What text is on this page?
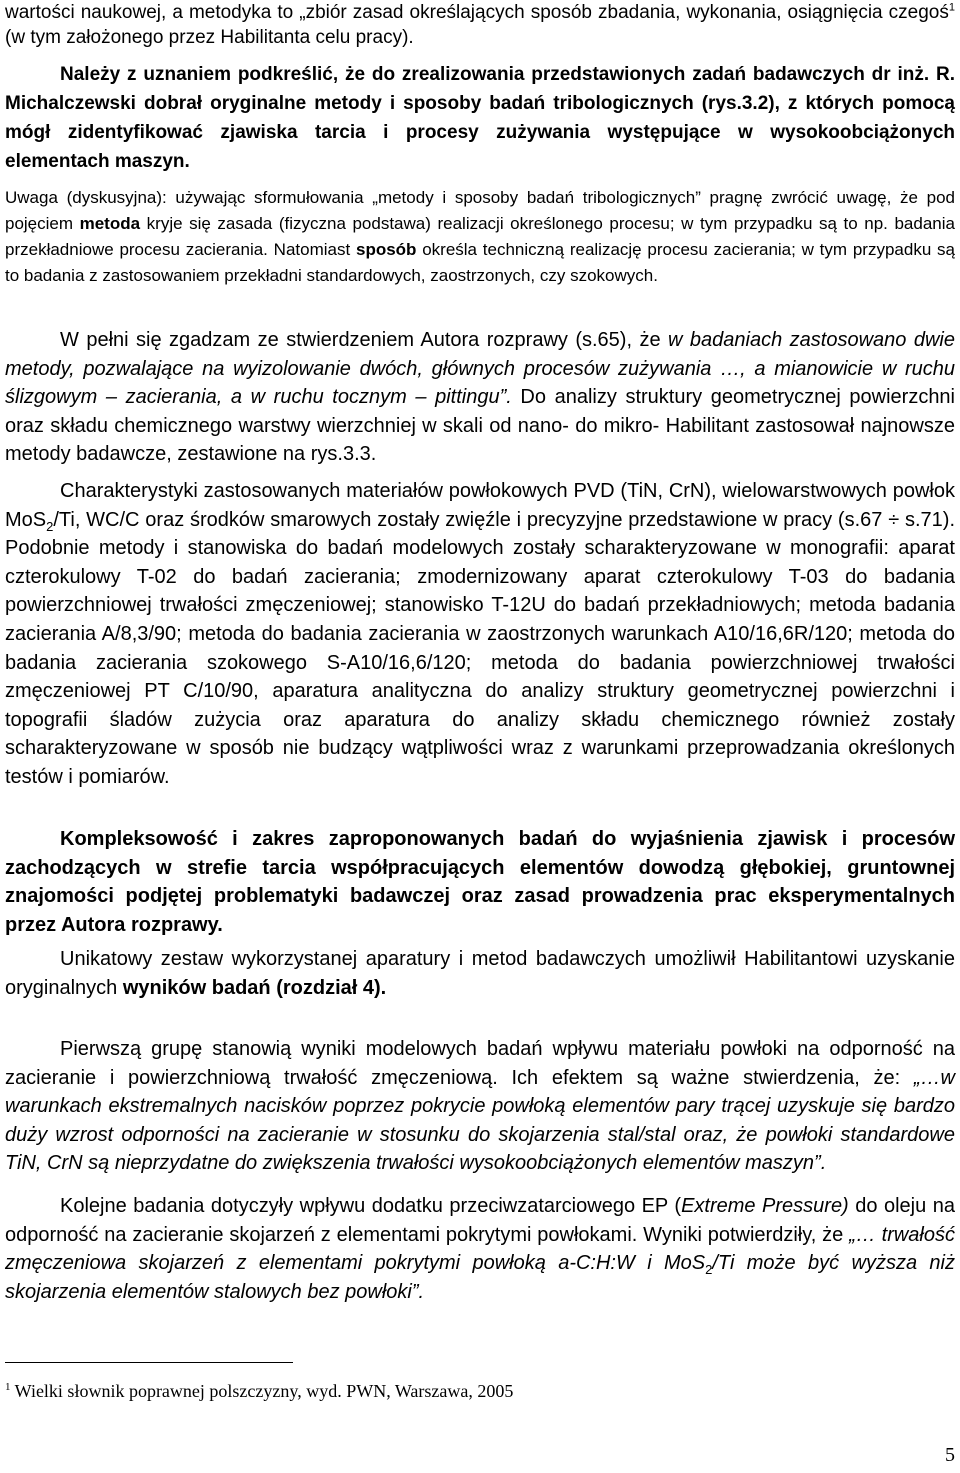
wartości naukowej, a metodyka to „zbiór zasad określających sposób zbadania, wykonania, osiągnięcia czegoś$^1$ (w tym założonego przez Habilitanta celu pracy).

Należy z uznaniem podkreślić, że do zrealizowania przedstawionych zadań badawczych dr inż. R. Michalczewski dobrał oryginalne metody i sposoby badań tribologicznych (rys.3.2), z których pomocą mógł zidentyfikować zjawiska tarcia i procesy zużywania występujące w wysokoobciążonych elementach maszyn.

Uwaga (dyskusyjna): używając sformułowania „metody i sposoby badań tribologicznych” pragnę zwrócić uwagę, że pod pojęciem metoda kryje się zasada (fizyczna podstawa) realizacji określonego procesu; w tym przypadku są to np. badania przekładniowe procesu zacierania. Natomiast sposób określa techniczną realizację procesu zacierania; w tym przypadku są to badania z zastosowaniem przekładni standardowych, zaostrzonych, czy szokowych.

W pełni się zgadzam ze stwierdzeniem Autora rozprawy (s.65), że w badaniach zastosowano dwie metody, pozwalające na wyizolowanie dwóch, głównych procesów zużywania …, a mianowicie w ruchu ślizgowym – zacierania, a w ruchu tocznym – pittingu”. Do analizy struktury geometrycznej powierzchni oraz składu chemicznego warstwy wierzchniej w skali od nano- do mikro- Habilitant zastosował najnowsze metody badawcze, zestawione na rys.3.3.

Charakterystyki zastosowanych materiałów powłokowych PVD (TiN, CrN), wielowarstwowych powłok MoS$_2$/Ti, WC/C oraz środków smarowych zostały zwięźle i precyzyjne przedstawione w pracy (s.67 ÷ s.71). Podobnie metody i stanowiska do badań modelowych zostały scharakteryzowane w monografii: aparat czterokulowy T-02 do badań zacierania; zmodernizowany aparat czterokulowy T-03 do badania powierzchniowej trwałości zmęczeniowej; stanowisko T-12U do badań przekładniowych; metoda badania zacierania A/8,3/90; metoda do badania zacierania w zaostrzonych warunkach A10/16,6R/120; metoda do badania zacierania szokowego S-A10/16,6/120; metoda do badania powierzchniowej trwałości zmęczeniowej PT C/10/90, aparatura analityczna do analizy struktury geometrycznej powierzchni i topografii śladów zużycia oraz aparatura do analizy składu chemicznego również zostały scharakteryzowane w sposób nie budzący wątpliwości wraz z warunkami przeprowadzania określonych testów i pomiarów.

Kompleksowość i zakres zaproponowanych badań do wyjaśnienia zjawisk i procesów zachodzących w strefie tarcia współpracujących elementów dowodzą głębokiej, gruntownej znajomości podjętej problematyki badawczej oraz zasad prowadzenia prac eksperymentalnych przez Autora rozprawy.

Unikatowy zestaw wykorzystanej aparatury i metod badawczych umożliwił Habilitantowi uzyskanie oryginalnych wyników badań (rozdział 4).

Pierwszą grupę stanowią wyniki modelowych badań wpływu materiału powłoki na odporność na zacieranie i powierzchniową trwałość zmęczeniową. Ich efektem są ważne stwierdzenia, że: „…w warunkach ekstremalnych nacisków poprzez pokrycie powłoką elementów pary trącej uzyskuje się bardzo duży wzrost odporności na zacieranie w stosunku do skojarzenia stal/stal oraz, że powłoki standardowe TiN, CrN są nieprzydatne do zwiększenia trwałości wysokoobciążonych elementów maszyn”.

Kolejne badania dotyczyły wpływu dodatku przeciwzatarciowego EP (Extreme Pressure) do oleju na odporność na zacieranie skojarzeń z elementami pokrytymi powłokami. Wyniki potwierdziły, że „… trwałość zmęczeniowa skojarzeń z elementami pokrytymi powłoką a-C:H:W i MoS$_2$/Ti może być wyższa niż skojarzenia elementów stalowych bez powłoki”.

$^1$ Wielki słownik poprawnej polszczyzny, wyd. PWN, Warszawa, 2005
5
